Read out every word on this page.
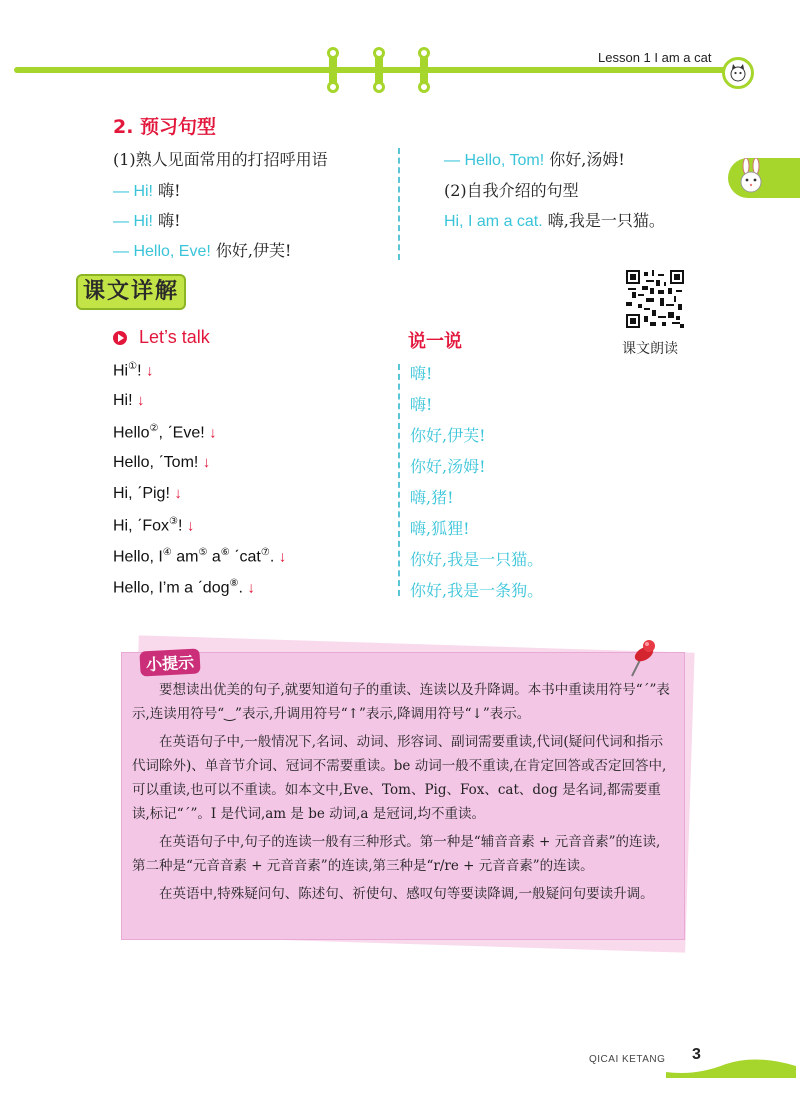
Lesson 1 I am a cat
2. 预习句型
(1)熟人见面常用的打招呼用语
— Hi! 嗨!
— Hi! 嗨!
— Hello, Eve! 你好,伊芙!
— Hello, Tom! 你好,汤姆!
(2)自我介绍的句型
Hi, I am a cat. 嗨,我是一只猫。
课文详解
课文朗读
Let’s talk	说一说
Hi①! ↓
Hi! ↓
Hello②, ˊEve! ↓
Hello, ˊTom! ↓
Hi, ˊPig! ↓
Hi, ˊFox③! ↓
Hello, I④ am⑤ a⑥ ˊcat⑦. ↓
Hello, I’m a ˊdog⑧. ↓
嗨!
嗨!
你好,伊芙!
你好,汤姆!
嗨,猪!
嗨,狐狸!
你好,我是一只猫。
你好,我是一条狗。
小提示

要想读出优美的句子,就要知道句子的重读、连读以及升降调。本书中重读用符号“ˊ”表示,连读用符号“‿”表示,升调用符号“↑”表示,降调用符号“↓”表示。

在英语句子中,一般情况下,名词、动词、形容词、副词需要重读,代词(疑问代词和指示代词除外)、单音节介词、冠词不需要重读。be 动词一般不重读,在肯定回答或否定回答中,可以重读,也可以不重读。如本文中,Eve、Tom、Pig、Fox、cat、dog 是名词,都需要重读,标记“ˊ”。I 是代词,am 是 be 动词,a 是冠词,均不重读。

在英语句子中,句子的连读一般有三种形式。第一种是“辅音音素 + 元音音素”的连读,第二种是“元音音素 + 元音音素”的连读,第三种是“r/re + 元音音素”的连读。

在英语中,特殊疑问句、陈述句、祈使句、感叹句等要读降调,一般疑问句要读升调。

QICAI KETANG 3
